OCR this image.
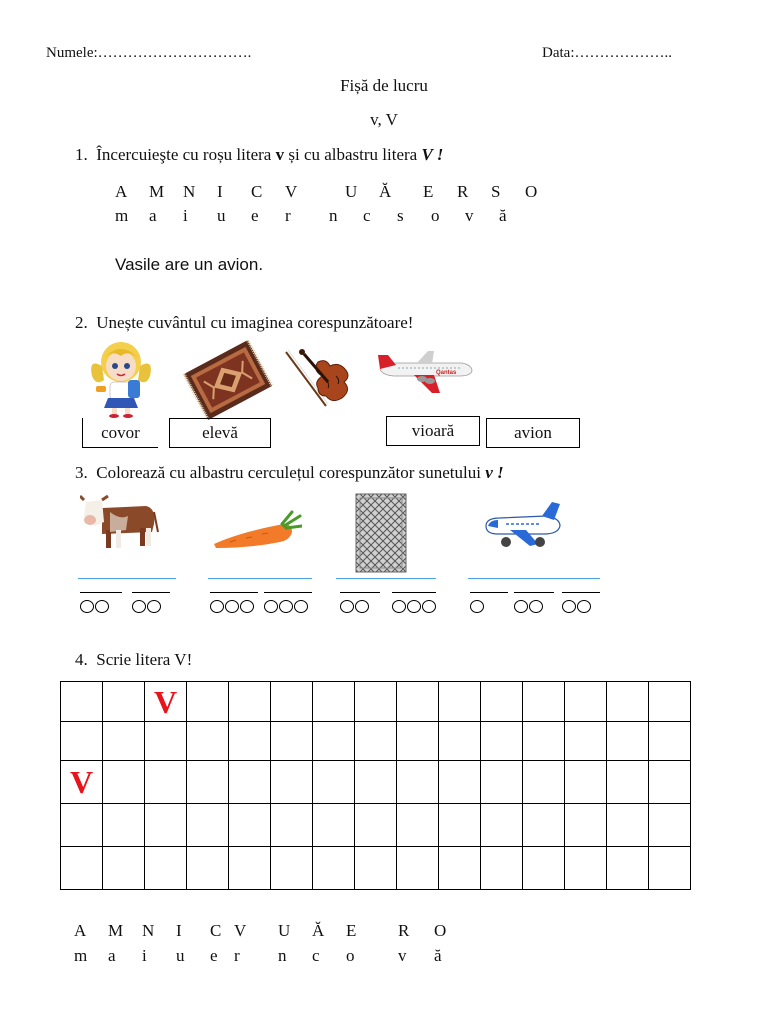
Numele:………………………….	Data:………………..
Fișă de lucru
v, V
1. Încercuieşte cu roșu litera v și cu albastru litera V !
A	M	N	I	C	V	U	Ă	E	R	S	O
m	a	i	u	e	r	n	c	s	o	v	ă
Vasile are un avion.
2. Unește cuvântul cu imaginea corespunzătoare!
Qantas
covor	elevă	vioară	avion
3. Colorează cu albastru cerculețul corespunzător sunetului v !
4. Scrie litera V!
		V												

V														

A	M	N	I	C V	U	Ă	E	R	O
m	a	i	u	e r	n	c	o	v	ă
